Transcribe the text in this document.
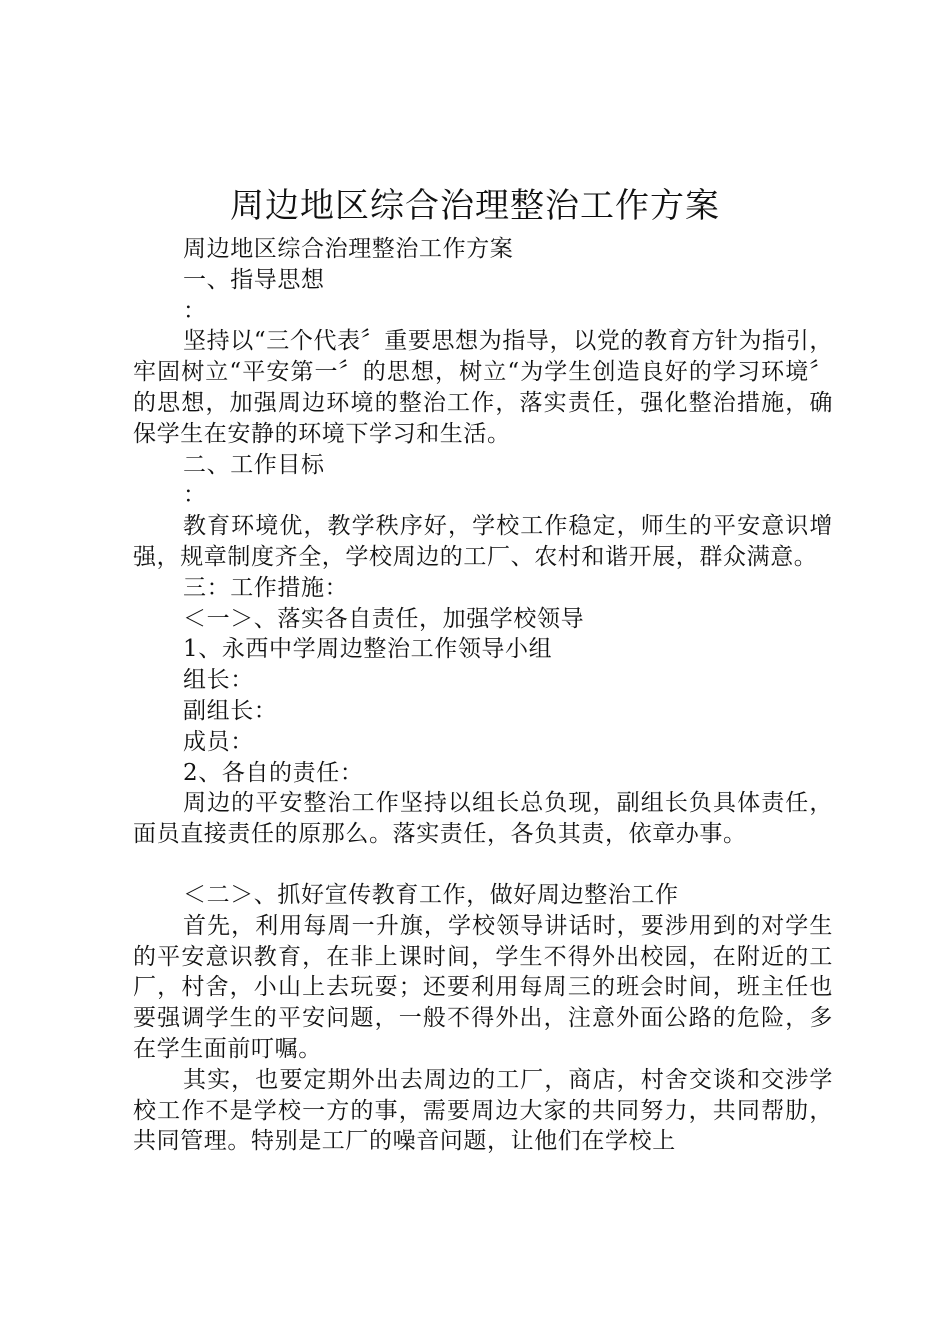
周边地区综合治理整治工作方案

周边地区综合治理整治工作方案

一、指导思想

：

坚持以“三个代表〞重要思想为指导，以党的教育方针为指引，牢固树立“平安第一〞的思想，树立“为学生创造良好的学习环境〞的思想，加强周边环境的整治工作，落实责任，强化整治措施，确保学生在安静的环境下学习和生活。

二、工作目标

：

教育环境优，教学秩序好，学校工作稳定，师生的平安意识增强，规章制度齐全，学校周边的工厂、农村和谐开展，群众满意。

三：工作措施：

＜一＞、落实各自责任，加强学校领导

1、永西中学周边整治工作领导小组

组长：

副组长：

成员：

2、各自的责任：

周边的平安整治工作坚持以组长总负现，副组长负具体责任，面员直接责任的原那么。落实责任，各负其责，依章办事。

＜二＞、抓好宣传教育工作，做好周边整治工作

首先，利用每周一升旗，学校领导讲话时，要涉用到的对学生的平安意识教育，在非上课时间，学生不得外出校园，在附近的工厂，村舍，小山上去玩耍；还要利用每周三的班会时间，班主任也要强调学生的平安问题，一般不得外出，注意外面公路的危险，多在学生面前叮嘱。

其实，也要定期外出去周边的工厂，商店，村舍交谈和交涉学校工作不是学校一方的事，需要周边大家的共同努力，共同帮肋，共同管理。特别是工厂的噪音问题，让他们在学校上
